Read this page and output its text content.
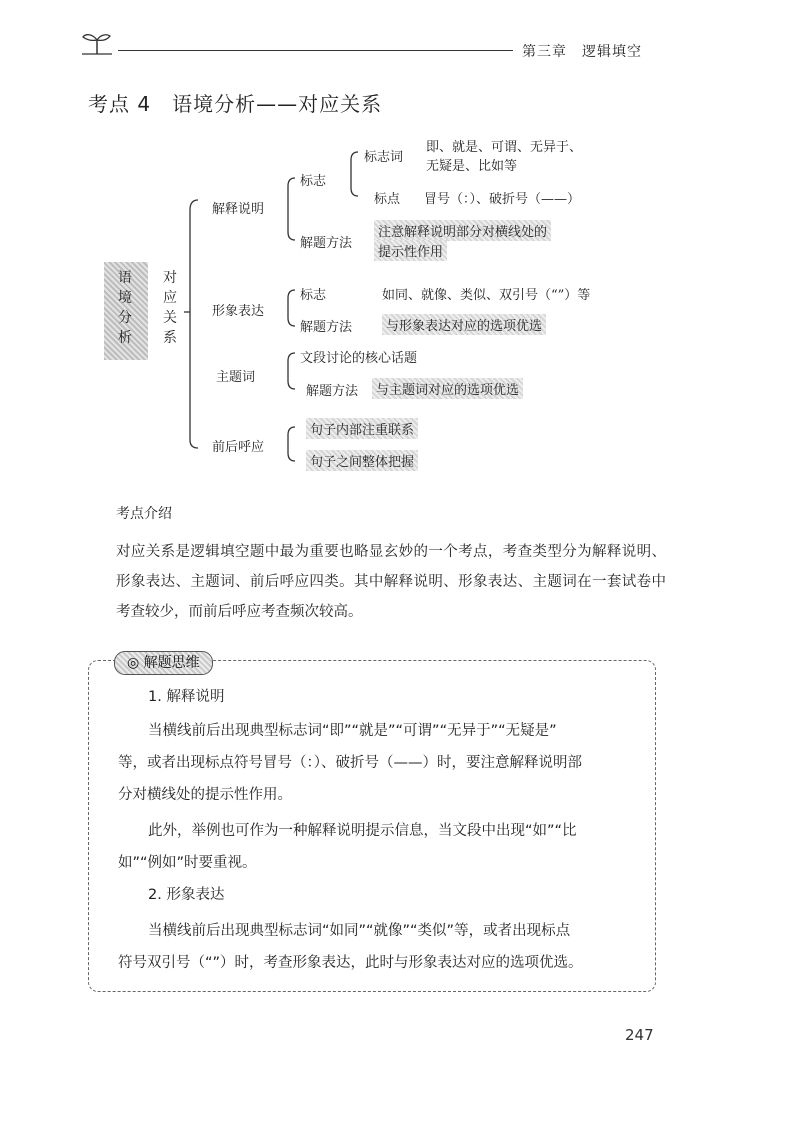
第三章　逻辑填空
考点 4　语境分析——对应关系
语境分析
对应关系
解释说明
标志
标志词
即、就是、可谓、无异于、
无疑是、比如等
标点 冒号（：）、破折号（——）
解题方法
注意解释说明部分对横线处的
提示性作用
形象表达
标志	如同、就像、类似、双引号（“”）等
解题方法	与形象表达对应的选项优选
主题词
文段讨论的核心话题
解题方法	与主题词对应的选项优选
前后呼应
句子内部注重联系
句子之间整体把握
考点介绍
对应关系是逻辑填空题中最为重要也略显玄妙的一个考点，考查类型分为解释说明、形象表达、主题词、前后呼应四类。其中解释说明、形象表达、主题词在一套试卷中考查较少，而前后呼应考查频次较高。
◎ 解题思维
1. 解释说明
当横线前后出现典型标志词“即”“就是”“可谓”“无异于”“无疑是”
等，或者出现标点符号冒号（：）、破折号（——）时，要注意解释说明部
分对横线处的提示性作用。
此外，举例也可作为一种解释说明提示信息，当文段中出现“如”“比
如”“例如”时要重视。
2. 形象表达
当横线前后出现典型标志词“如同”“就像”“类似”等，或者出现标点
符号双引号（“”）时，考查形象表达，此时与形象表达对应的选项优选。
247
